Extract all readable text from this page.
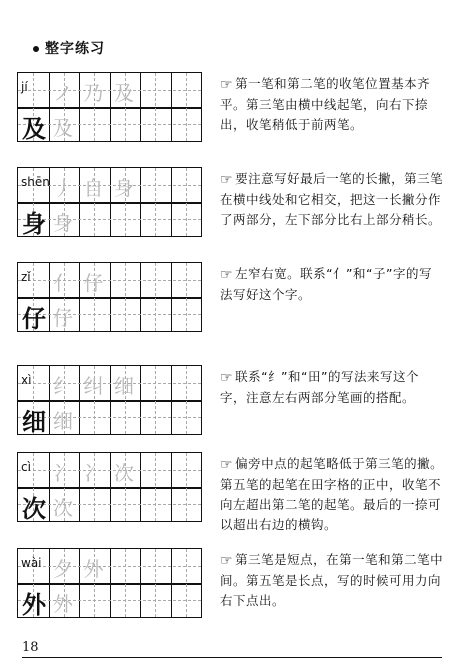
整字练习
jí
及
ノ 乃 及
及
☞ 第一笔和第二笔的收笔位置基本齐平。第三笔由横中线起笔，向右下捺出，收笔稍低于前两笔。
shēn
身
丿 自 身
身
☞ 要注意写好最后一笔的长撇，第三笔在横中线处和它相交，把这一长撇分作了两部分，左下部分比右上部分稍长。
zǐ
仔
亻 仔
仔
☞ 左窄右宽。联系“亻”和“子”字的写法写好这个字。
xì
细
纟 纠 细
细
☞ 联系“纟”和“田”的写法来写这个字，注意左右两部分笔画的搭配。
cì
次
冫 冫 次
次
☞ 偏旁中点的起笔略低于第三笔的撇。第五笔的起笔在田字格的正中，收笔不向左超出第二笔的起笔。最后的一捺可以超出右边的横钩。
wài
外
夕 外
外
☞ 第三笔是短点，在第一笔和第二笔中间。第五笔是长点，写的时候可用力向右下点出。
18
